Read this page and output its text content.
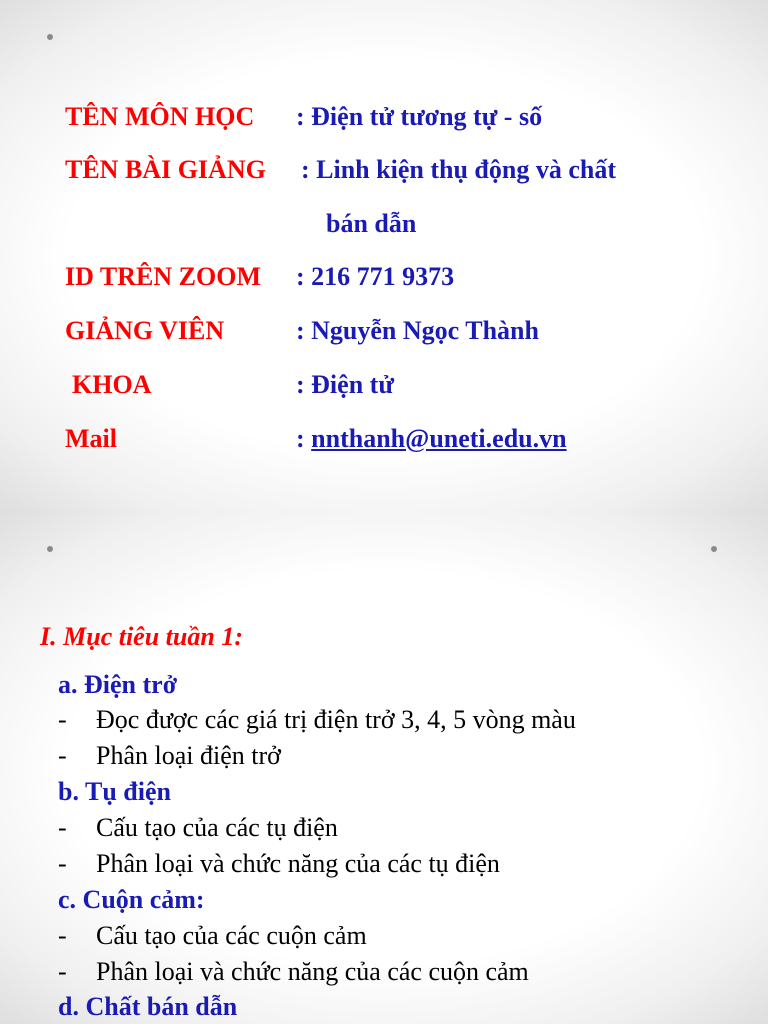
TÊN MÔN HỌC : Điện tử tương tự - số
TÊN BÀI GIẢNG : Linh kiện thụ động và chất
bán dẫn
ID TRÊN ZOOM : 216 771 9373
GIẢNG VIÊN	: Nguyễn Ngọc Thành
KHOA	: Điện tử
Mail	: nnthanh@uneti.edu.vn
I. Mục tiêu tuần 1:
a. Điện trở
- Đọc được các giá trị điện trở 3, 4, 5 vòng màu
- Phân loại điện trở
b. Tụ điện
- Cấu tạo của các tụ điện
- Phân loại và chức năng của các tụ điện
c. Cuộn cảm:
- Cấu tạo của các cuộn cảm
- Phân loại và chức năng của các cuộn cảm
d. Chất bán dẫn
